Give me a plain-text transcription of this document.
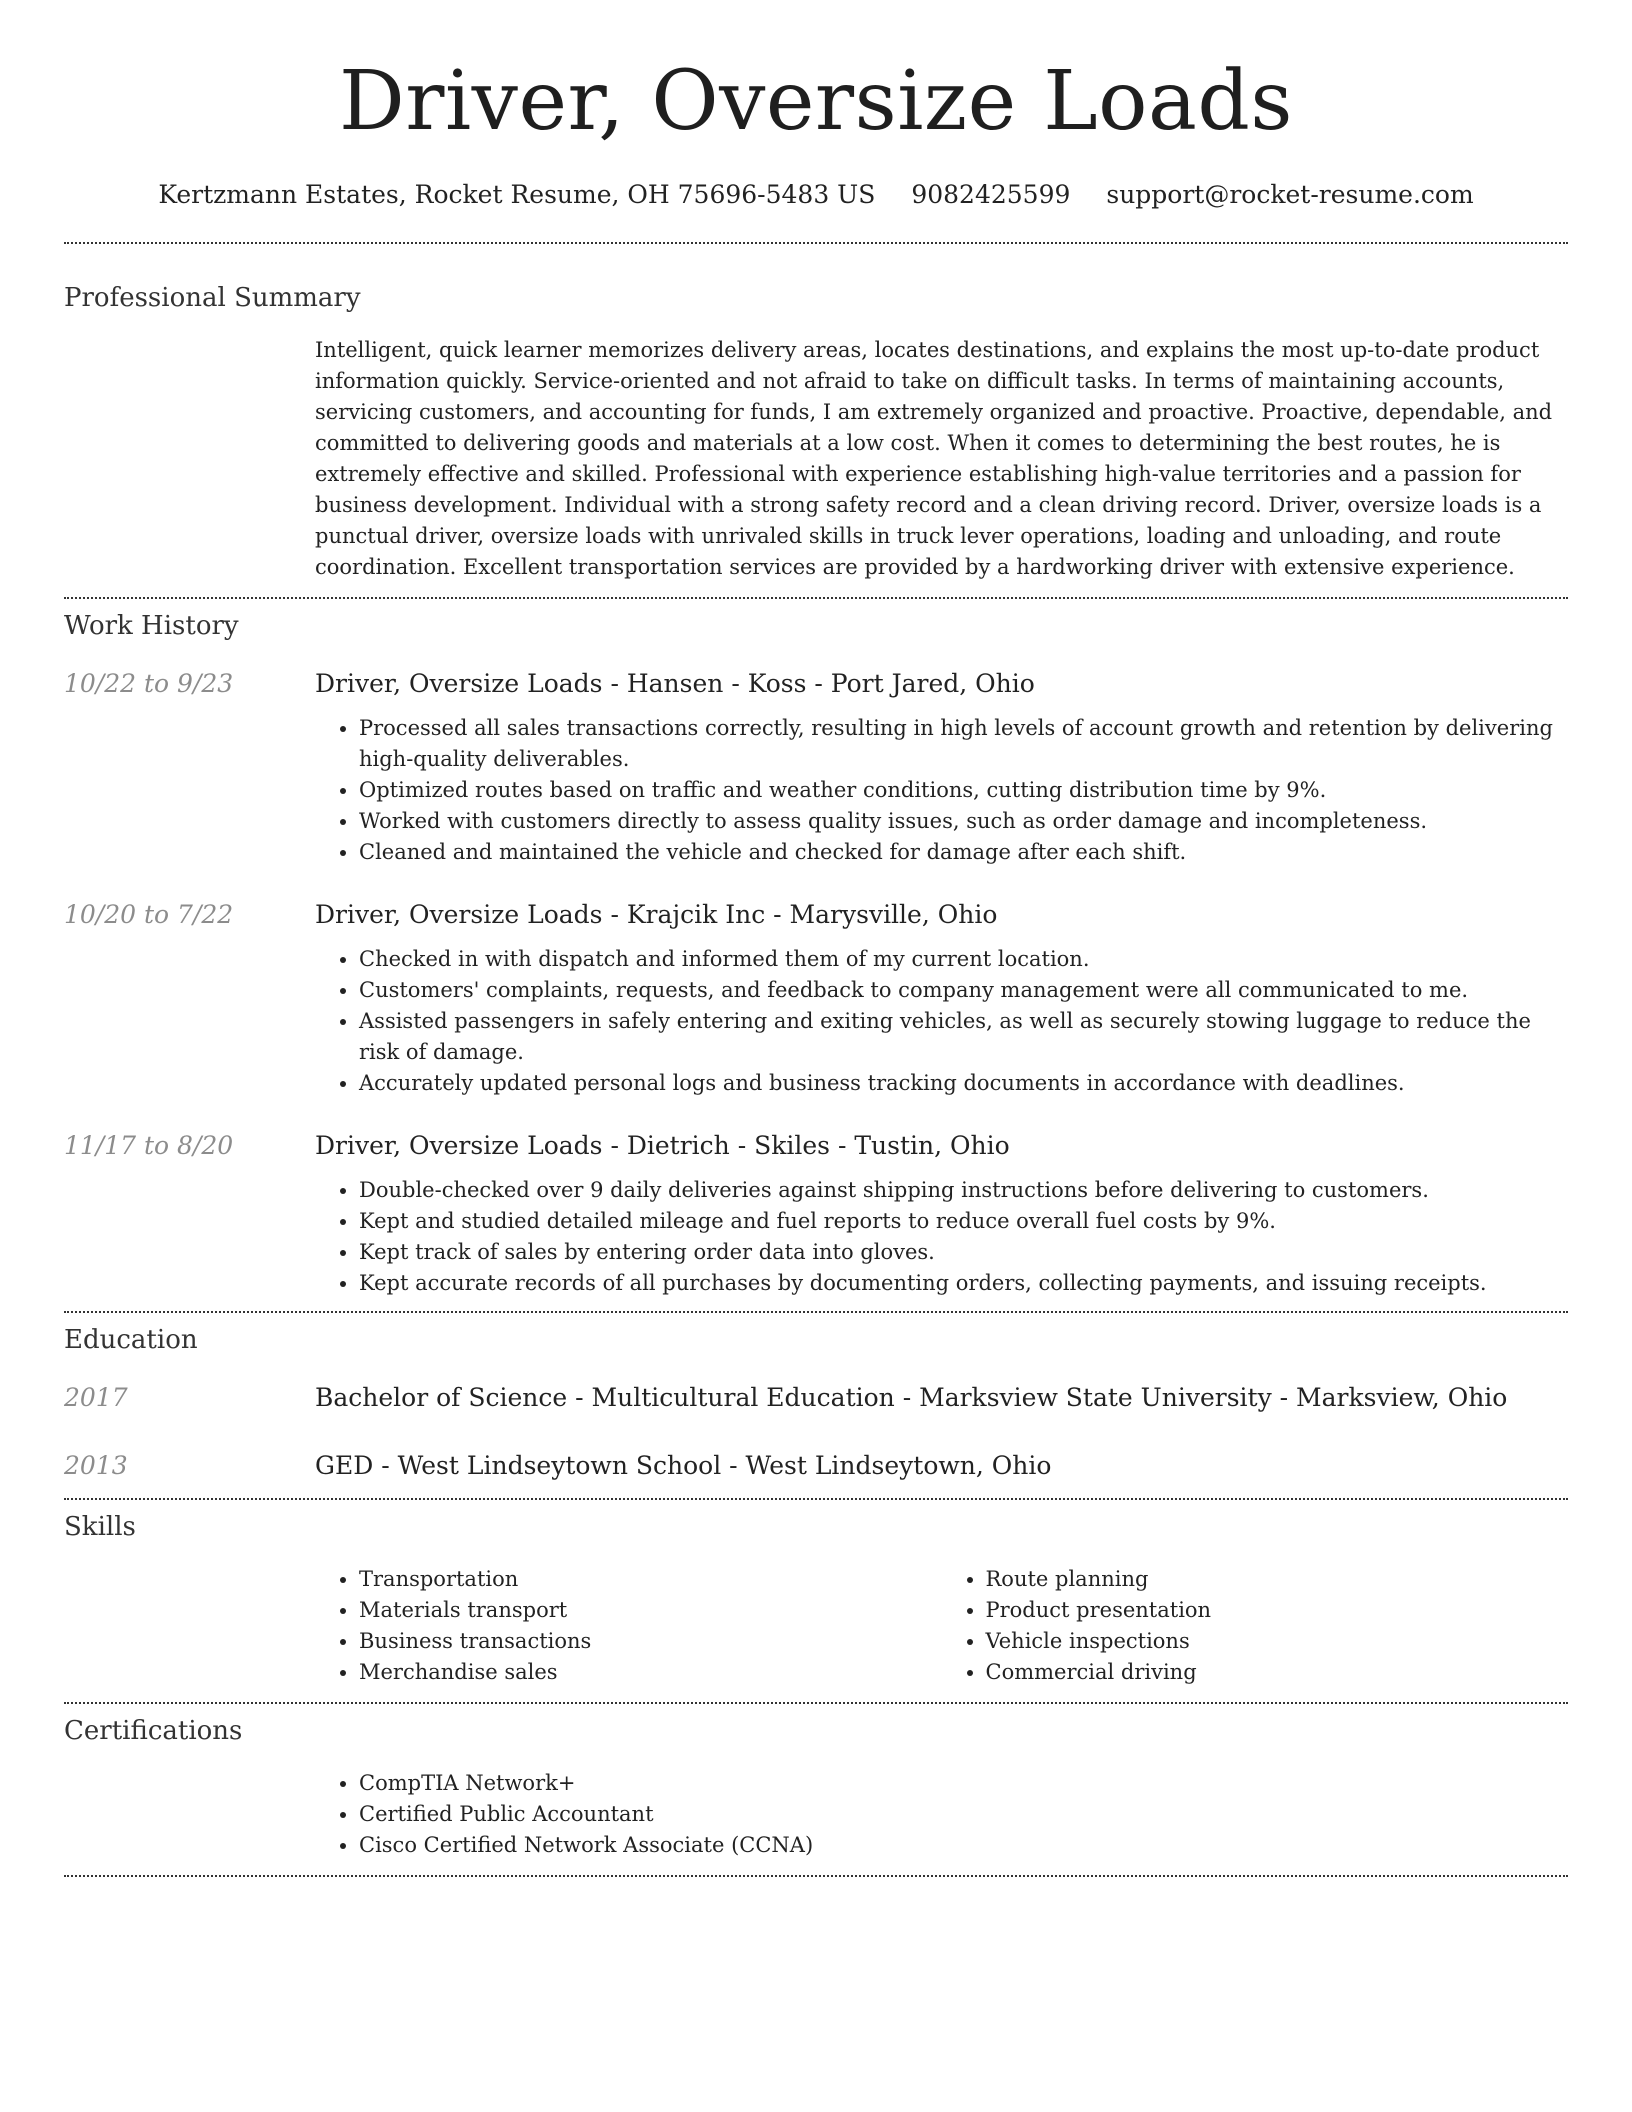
Driver, Oversize Loads
Kertzmann Estates, Rocket Resume, OH 75696-5483 US 9082425599 support@rocket-resume.com
Professional Summary

Intelligent, quick learner memorizes delivery areas, locates destinations, and explains the most up-to-date product information quickly. Service-oriented and not afraid to take on difficult tasks. In terms of maintaining accounts, servicing customers, and accounting for funds, I am extremely organized and proactive. Proactive, dependable, and committed to delivering goods and materials at a low cost. When it comes to determining the best routes, he is extremely effective and skilled. Professional with experience establishing high-value territories and a passion for business development. Individual with a strong safety record and a clean driving record. Driver, oversize loads is a punctual driver, oversize loads with unrivaled skills in truck lever operations, loading and unloading, and route coordination. Excellent transportation services are provided by a hardworking driver with extensive experience.

Work History
10/22 to 9/23	Driver, Oversize Loads - Hansen - Koss - Port Jared, Ohio

• Processed all sales transactions correctly, resulting in high levels of account growth and retention by delivering high-quality deliverables.
• Optimized routes based on traffic and weather conditions, cutting distribution time by 9%.
• Worked with customers directly to assess quality issues, such as order damage and incompleteness.
• Cleaned and maintained the vehicle and checked for damage after each shift.
10/20 to 7/22	Driver, Oversize Loads - Krajcik Inc - Marysville, Ohio

• Checked in with dispatch and informed them of my current location.
• Customers' complaints, requests, and feedback to company management were all communicated to me.
• Assisted passengers in safely entering and exiting vehicles, as well as securely stowing luggage to reduce the risk of damage.
• Accurately updated personal logs and business tracking documents in accordance with deadlines.
11/17 to 8/20	Driver, Oversize Loads - Dietrich - Skiles - Tustin, Ohio

• Double-checked over 9 daily deliveries against shipping instructions before delivering to customers.
• Kept and studied detailed mileage and fuel reports to reduce overall fuel costs by 9%.
• Kept track of sales by entering order data into gloves.
• Kept accurate records of all purchases by documenting orders, collecting payments, and issuing receipts.
Education
2017	Bachelor of Science - Multicultural Education - Marksview State University - Marksview, Ohio

2013	GED - West Lindseytown School - West Lindseytown, Ohio

Skills
• Transportation
• Materials transport
• Business transactions
• Merchandise sales
• Route planning
• Product presentation
• Vehicle inspections
• Commercial driving
Certifications
• CompTIA Network+
• Certified Public Accountant
• Cisco Certified Network Associate (CCNA)
